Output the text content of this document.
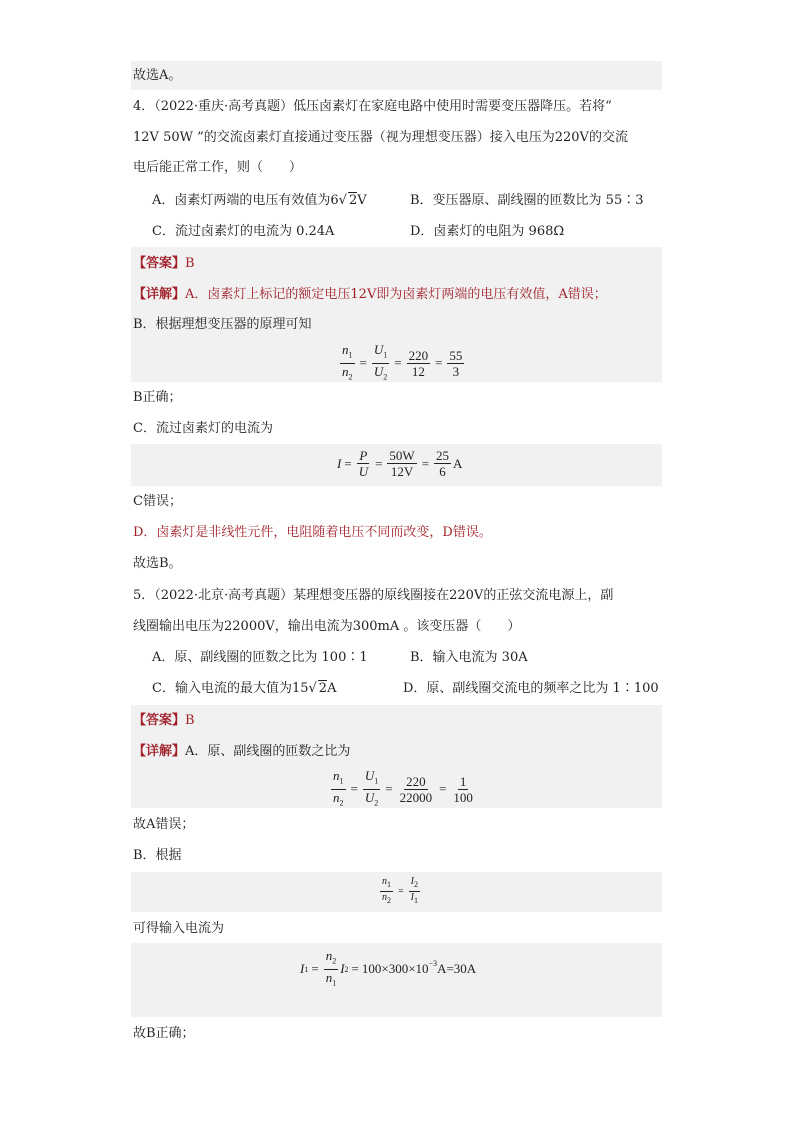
故选A。
4．（2022·重庆·高考真题）低压卤素灯在家庭电路中使用时需要变压器降压。若将“
12V 50W ”的交流卤素灯直接通过变压器（视为理想变压器）接入电压为220V的交流
电后能正常工作，则（　　）
A．卤素灯两端的电压有效值为6√ 2V	B．变压器原、副线圈的匝数比为 55∶3
C．流过卤素灯的电流为 0.24A	D．卤素灯的电阻为 968Ω
【答案】B
【详解】A．卤素灯上标记的额定电压12V即为卤素灯两端的电压有效值，A错误；
B．根据理想变压器的原理可知
$\frac{n_1}{n_2} = \frac{U_1}{U_2} = \frac{220}{12} = \frac{55}{3}$
B正确；
C．流过卤素灯的电流为
$I = \frac{P}{U} = \frac{50W}{12V} = \frac{25}{6}$ A
C错误；
D．卤素灯是非线性元件，电阻随着电压不同而改变，D错误。
故选B。
5．（2022·北京·高考真题）某理想变压器的原线圈接在220V的正弦交流电源上，副
线圈输出电压为22000V，输出电流为300mA 。该变压器（　　）
A．原、副线圈的匝数之比为 100∶1	B．输入电流为 30A
C．输入电流的最大值为15√ 2A	D．原、副线圈交流电的频率之比为 1∶100
【答案】B
【详解】A．原、副线圈的匝数之比为
$\frac{n_1}{n_2} = \frac{U_1}{U_2} = \frac{220}{22000} = \frac{1}{100}$
故A错误；
B．根据
$\frac{n_1}{n_2} = \frac{I_2}{I_1}$
可得输入电流为
I $1 = \frac{n_2}{n_1}$ I $2 = 100\times 300\times 10^{-3}$ A=30A
故B正确；
